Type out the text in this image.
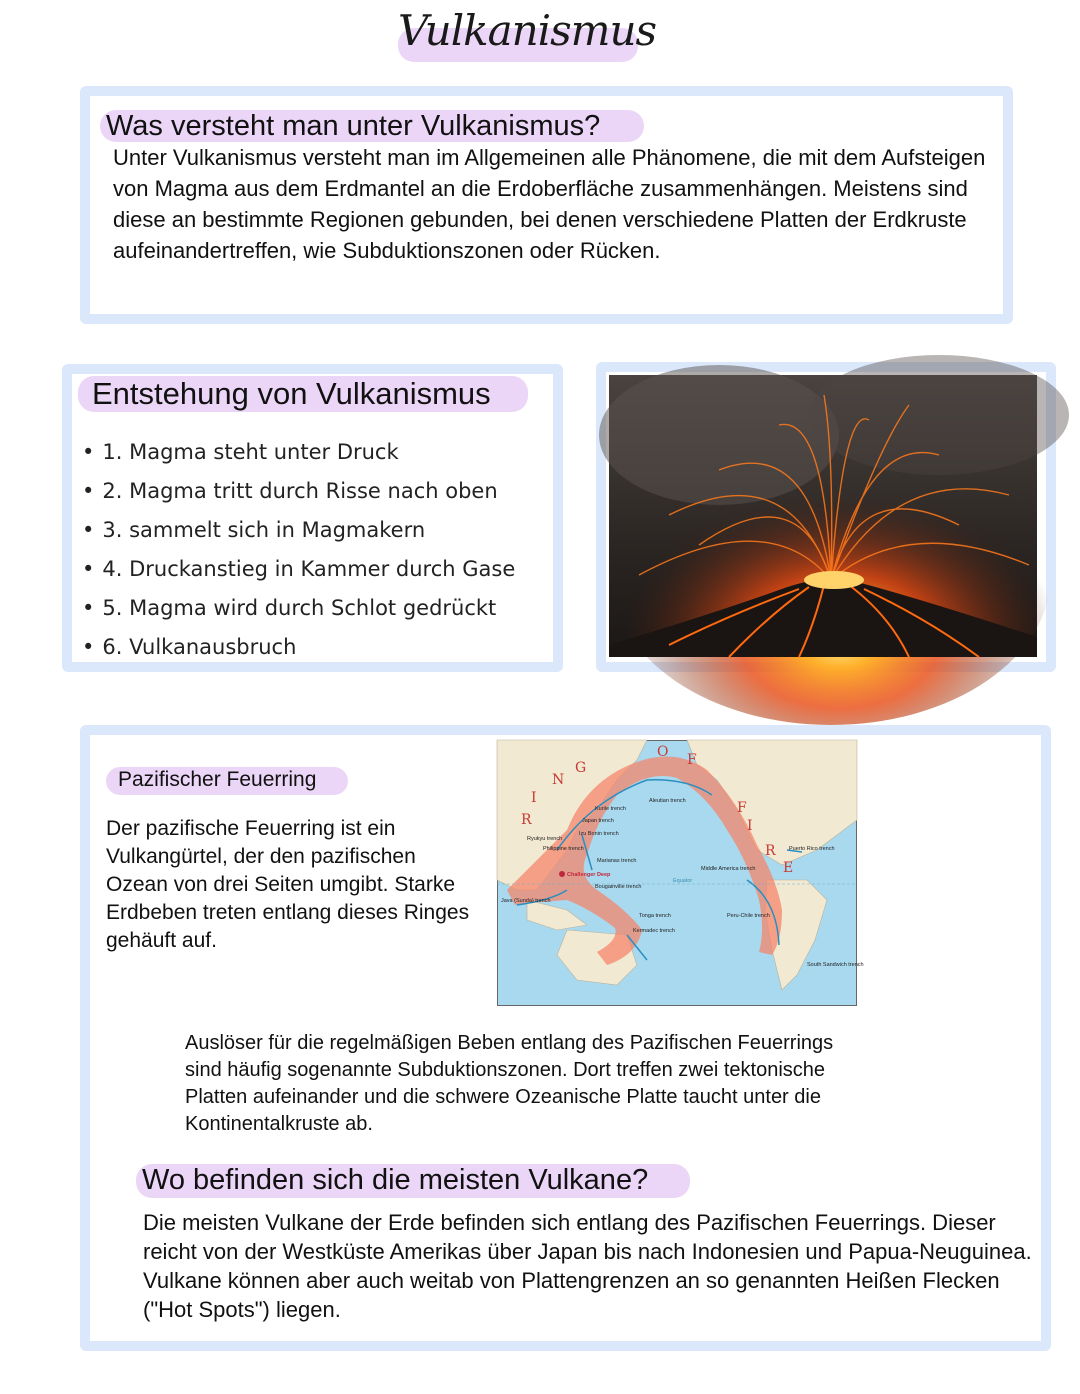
Vulkanismus
Was versteht man unter Vulkanismus?
Unter Vulkanismus versteht man im Allgemeinen alle Phänomene, die mit dem Aufsteigen von Magma aus dem Erdmantel an die Erdoberfläche zusammenhängen. Meistens sind diese an bestimmte Regionen gebunden, bei denen verschiedene Platten der Erdkruste aufeinandertreffen, wie Subduktionszonen oder Rücken.
Entstehung von Vulkanismus
• 1. Magma steht unter Druck
• 2. Magma tritt durch Risse nach oben
• 3. sammelt sich in Magmakern
• 4. Druckanstieg in Kammer durch Gase
• 5. Magma wird durch Schlot gedrückt
• 6. Vulkanausbruch
Pazifischer Feuerring
Der pazifische Feuerring ist ein Vulkangürtel, der den pazifischen Ozean von drei Seiten umgibt. Starke Erdbeben treten entlang dieses Ringes gehäuft auf.
R
I
N
G
O F
F
I
R
E
Aleutian trench
Kurile trench
Japan trench
Izu Bonin trench
Ryukyu trench
Philippine trench
Marianas trench
Challenger Deep
Bougainville trench
Java (Sunda) trench
Tonga trench
Kermadec trench
Middle America trench
Puerto Rico trench
Peru-Chile trench
South Sandwich trench
Equator
Auslöser für die regelmäßigen Beben entlang des Pazifischen Feuerrings sind häufig sogenannte Subduktionszonen. Dort treffen zwei tektonische Platten aufeinander und die schwere Ozeanische Platte taucht unter die Kontinentalkruste ab.
Wo befinden sich die meisten Vulkane?
Die meisten Vulkane der Erde befinden sich entlang des Pazifischen Feuerrings. Dieser reicht von der Westküste Amerikas über Japan bis nach Indonesien und Papua-Neuguinea. Vulkane können aber auch weitab von Plattengrenzen an so genannten Heißen Flecken ("Hot Spots") liegen.
